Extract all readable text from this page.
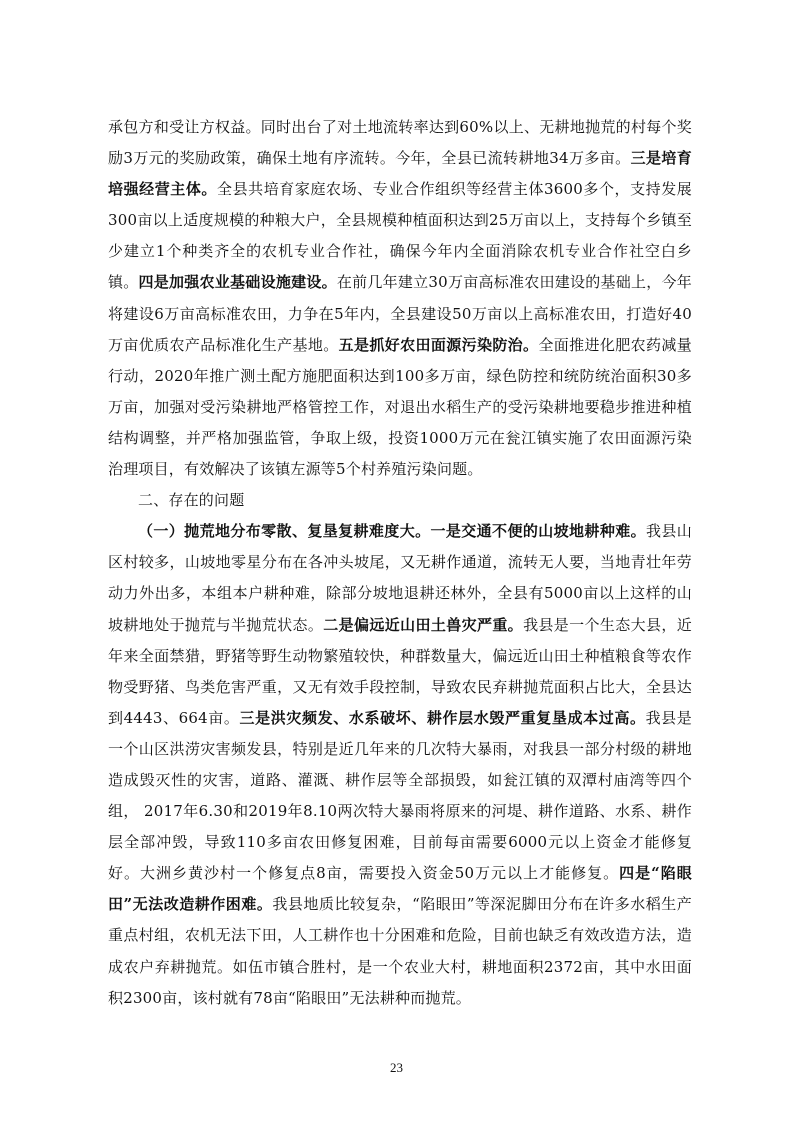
承包方和受让方权益。同时出台了对土地流转率达到60%以上、无耕地抛荒的村每个奖励3万元的奖励政策，确保土地有序流转。今年，全县已流转耕地34万多亩。三是培育培强经营主体。全县共培育家庭农场、专业合作组织等经营主体3600多个，支持发展300亩以上适度规模的种粮大户，全县规模种植面积达到25万亩以上，支持每个乡镇至少建立1个种类齐全的农机专业合作社，确保今年内全面消除农机专业合作社空白乡镇。四是加强农业基础设施建设。在前几年建立30万亩高标准农田建设的基础上，今年将建设6万亩高标准农田，力争在5年内，全县建设50万亩以上高标准农田，打造好40万亩优质农产品标准化生产基地。五是抓好农田面源污染防治。全面推进化肥农药减量行动，2020年推广测土配方施肥面积达到100多万亩，绿色防控和统防统治面积30多万亩，加强对受污染耕地严格管控工作，对退出水稻生产的受污染耕地要稳步推进种植结构调整，并严格加强监管，争取上级，投资1000万元在瓮江镇实施了农田面源污染治理项目，有效解决了该镇左源等5个村养殖污染问题。

二、存在的问题

（一）抛荒地分布零散、复垦复耕难度大。一是交通不便的山坡地耕种难。我县山区村较多，山坡地零星分布在各冲头坡尾，又无耕作通道，流转无人要，当地青壮年劳动力外出多，本组本户耕种难，除部分坡地退耕还林外，全县有5000亩以上这样的山坡耕地处于抛荒与半抛荒状态。二是偏远近山田土兽灾严重。我县是一个生态大县，近年来全面禁猎，野猪等野生动物繁殖较快，种群数量大，偏远近山田土种植粮食等农作物受野猪、鸟类危害严重，又无有效手段控制，导致农民弃耕抛荒面积占比大，全县达到4443、664亩。三是洪灾频发、水系破坏、耕作层水毁严重复垦成本过高。我县是一个山区洪涝灾害频发县，特别是近几年来的几次特大暴雨，对我县一部分村级的耕地造成毁灭性的灾害，道路、灌溉、耕作层等全部损毁，如瓮江镇的双潭村庙湾等四个组， 2017年6.30和2019年8.10两次特大暴雨将原来的河堤、耕作道路、水系、耕作层全部冲毁，导致110多亩农田修复困难，目前每亩需要6000元以上资金才能修复好。大洲乡黄沙村一个修复点8亩，需要投入资金50万元以上才能修复。四是“陷眼田”无法改造耕作困难。我县地质比较复杂，“陷眼田”等深泥脚田分布在许多水稻生产重点村组，农机无法下田，人工耕作也十分困难和危险，目前也缺乏有效改造方法，造成农户弃耕抛荒。如伍市镇合胜村，是一个农业大村，耕地面积2372亩，其中水田面积2300亩，该村就有78亩“陷眼田”无法耕种而抛荒。

23
